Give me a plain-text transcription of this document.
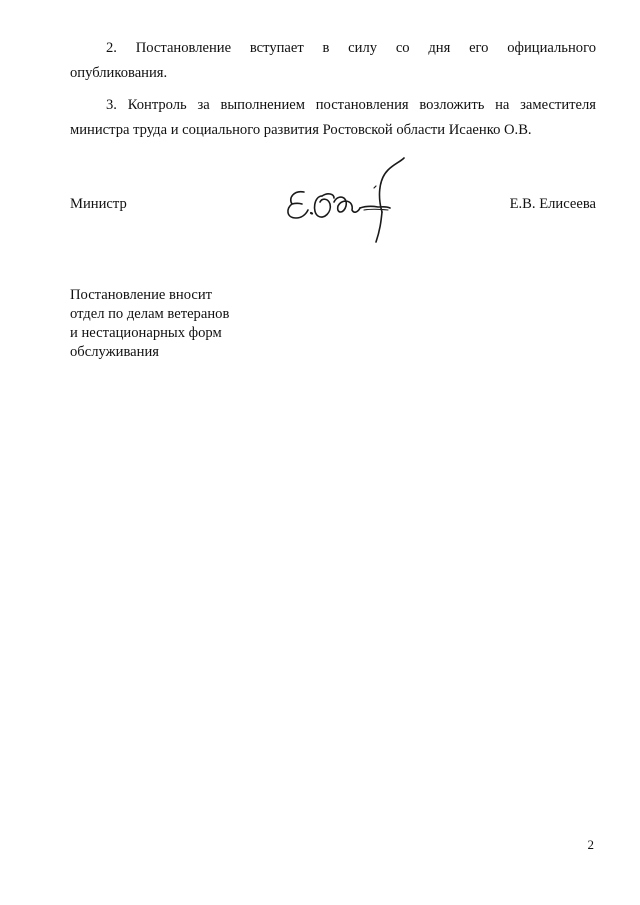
2. Постановление вступает в силу со дня его официального
опубликования.

3. Контроль за выполнением постановления возложить на заместителя
министра труда и социального развития Ростовской области Исаенко О.В.

Министр	Е.В. Елисеева
Постановление вносит
отдел по делам ветеранов
и нестационарных форм
обслуживания
2
